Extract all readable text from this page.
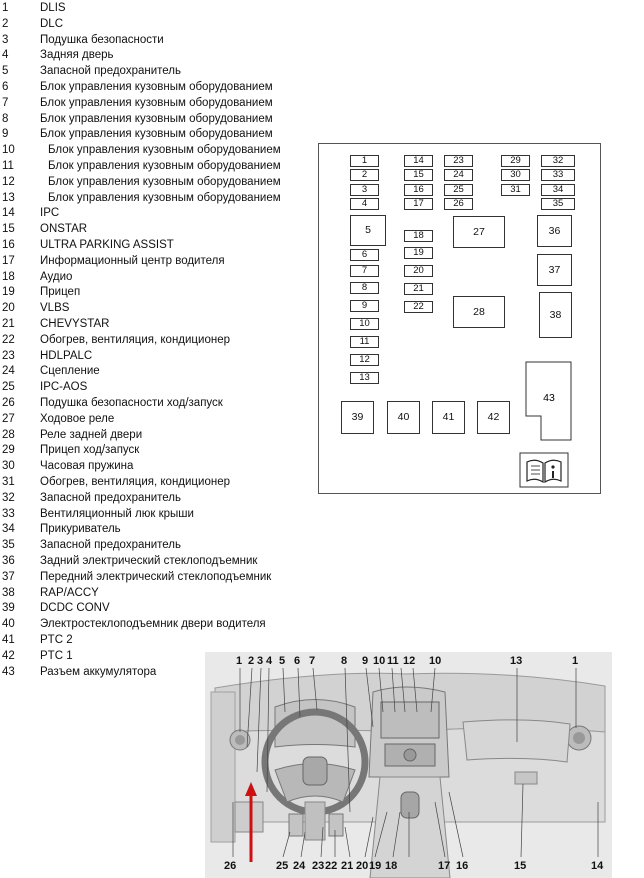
1	DLIS
2	DLC
3	Подушка безопасности
4	Задняя дверь
5	Запасной предохранитель
6	Блок управления кузовным оборудованием
7	Блок управления кузовным оборудованием
8	Блок управления кузовным оборудованием
9	Блок управления кузовным оборудованием
10	Блок управления кузовным оборудованием
11	Блок управления кузовным оборудованием
12	Блок управления кузовным оборудованием
13	Блок управления кузовным оборудованием
14	IPC
15	ONSTAR
16	ULTRA PARKING ASSIST
17	Информационный центр водителя
18	Аудио
19	Прицеп
20	VLBS
21	CHEVYSTAR
22	Обогрев, вентиляция, кондиционер
23	HDLPALC
24	Сцепление
25	IPC-AOS
26	Подушка безопасности ход/запуск
27	Ходовое реле
28	Реле задней двери
29	Прицеп ход/запуск
30	Часовая пружина
31	Обогрев, вентиляция, кондиционер
32	Запасной предохранитель
33	Вентиляционный люк крыши
34	Прикуриватель
35	Запасной предохранитель
36	Задний электрический стеклоподъемник
37	Передний электрический стеклоподъемник
38	RAP/ACCY
39	DCDC CONV
40	Электростеклоподъемник двери водителя
41	PTC 2
42	PTC 1
43	Разъем аккумулятора
1
2
3
4
5
6
7
8
9
10
11
12
13
14
15
16
17
18
19
20
21
22
23
24
25
26
27
28
29
30
31
32
33
34
35
36
37
38
43
39	40	41	42
1 2 3 4 5 6 7 8 9 10 11 12 10	13	1
26	25 24 23 22 21 20 19 18	17 16	15	14
